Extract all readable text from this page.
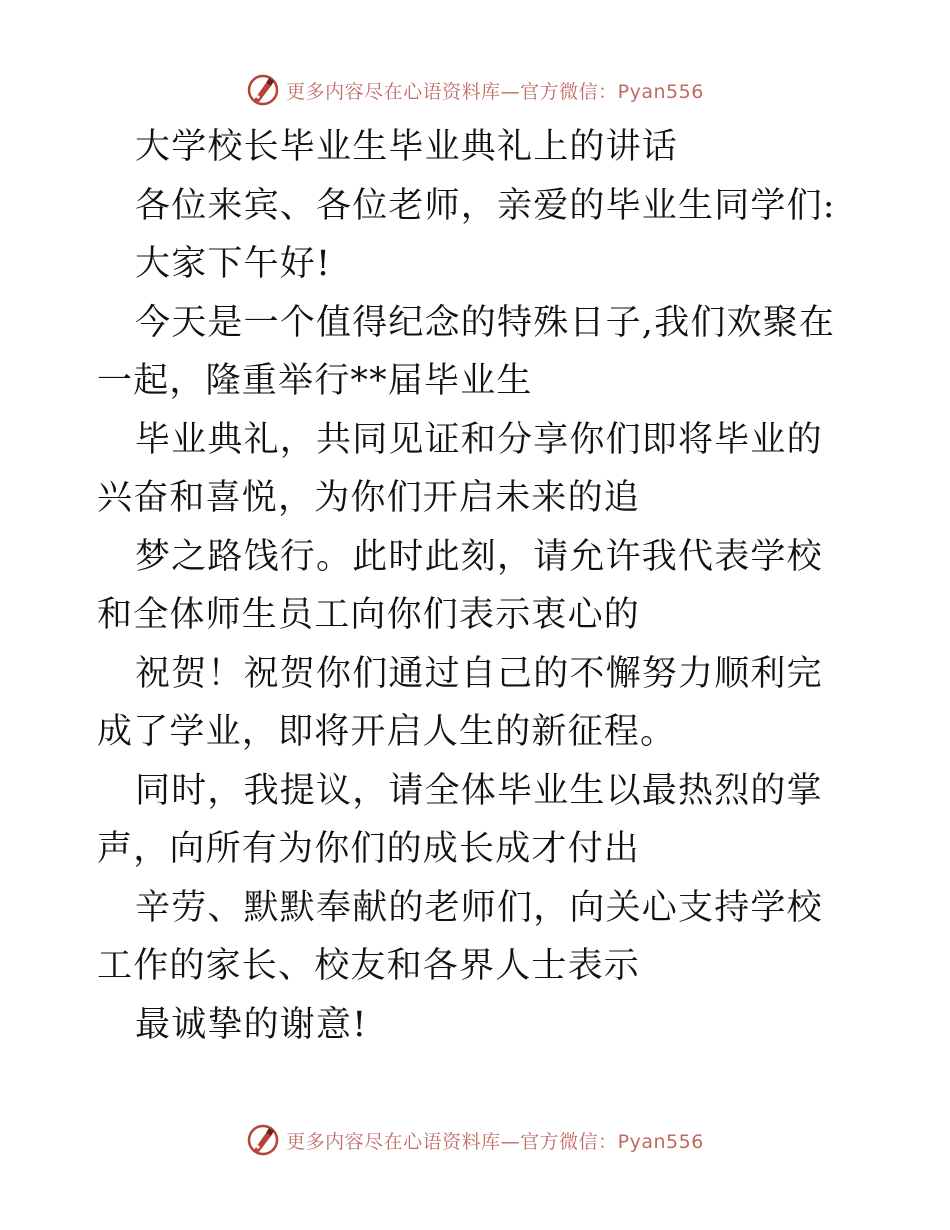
更多内容尽在心语资料库—官方微信：Pyan556

大学校长毕业生毕业典礼上的讲话

各位来宾、各位老师，亲爱的毕业生同学们:

大家下午好!

今天是一个值得纪念的特殊日子,我们欢聚在一起，隆重举行**届毕业生

毕业典礼，共同见证和分享你们即将毕业的兴奋和喜悦，为你们开启未来的追

梦之路饯行。此时此刻，请允许我代表学校和全体师生员工向你们表示衷心的

祝贺！祝贺你们通过自己的不懈努力顺利完成了学业，即将开启人生的新征程。

同时，我提议，请全体毕业生以最热烈的掌声，向所有为你们的成长成才付出

辛劳、默默奉献的老师们，向关心支持学校工作的家长、校友和各界人士表示

最诚挚的谢意!

更多内容尽在心语资料库—官方微信：Pyan556
